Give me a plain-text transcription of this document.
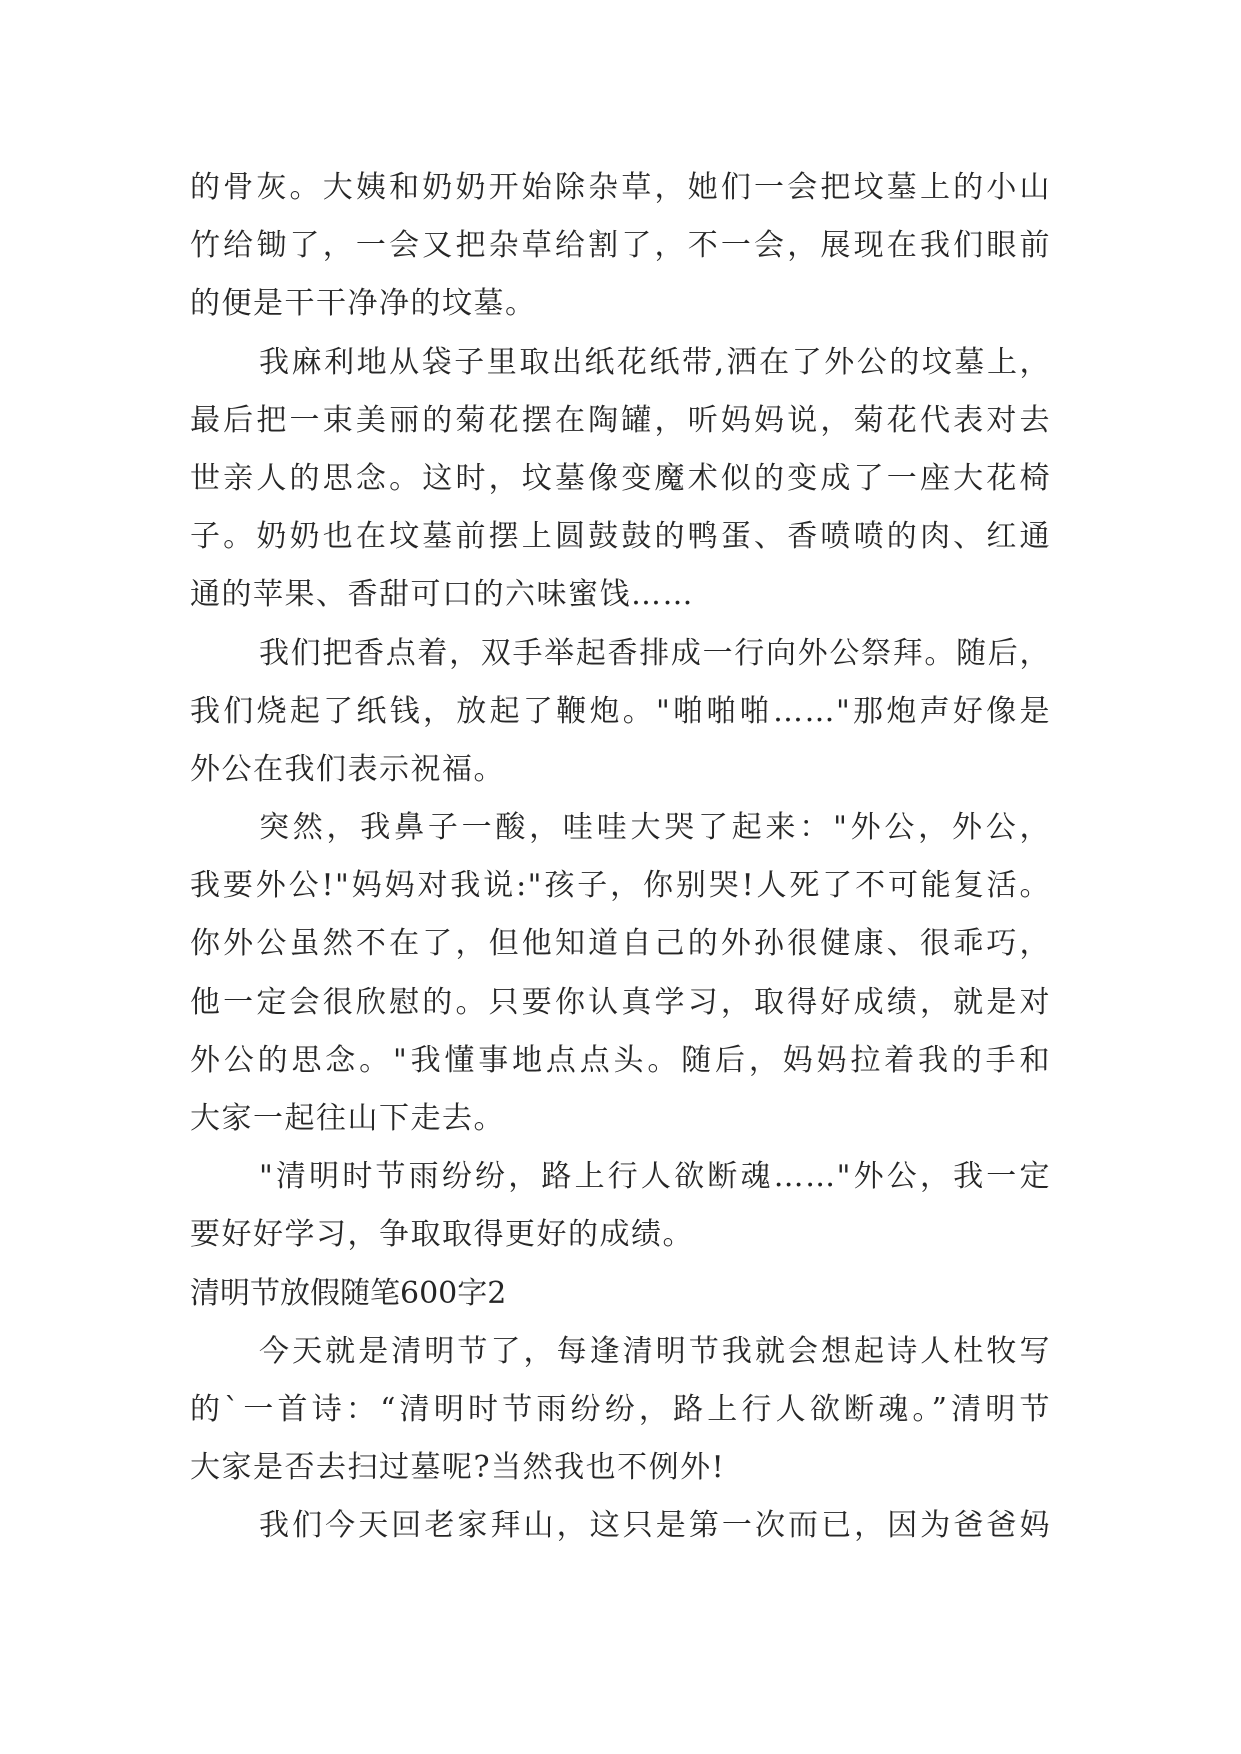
的骨灰。大姨和奶奶开始除杂草，她们一会把坟墓上的小山
竹给锄了，一会又把杂草给割了，不一会，展现在我们眼前
的便是干干净净的坟墓。
我麻利地从袋子里取出纸花纸带,洒在了外公的坟墓上，
最后把一束美丽的菊花摆在陶罐，听妈妈说，菊花代表对去
世亲人的思念。这时，坟墓像变魔术似的变成了一座大花椅
子。奶奶也在坟墓前摆上圆鼓鼓的鸭蛋、香喷喷的肉、红通
通的苹果、香甜可口的六味蜜饯……
我们把香点着，双手举起香排成一行向外公祭拜。随后，
我们烧起了纸钱，放起了鞭炮。"啪啪啪……"那炮声好像是
外公在我们表示祝福。
突然，我鼻子一酸，哇哇大哭了起来："外公，外公，
我要外公!"妈妈对我说:"孩子，你别哭!人死了不可能复活。
你外公虽然不在了，但他知道自己的外孙很健康、很乖巧，
他一定会很欣慰的。只要你认真学习，取得好成绩，就是对
外公的思念。"我懂事地点点头。随后，妈妈拉着我的手和
大家一起往山下走去。
"清明时节雨纷纷，路上行人欲断魂……"外公，我一定
要好好学习，争取取得更好的成绩。
清明节放假随笔600字2
今天就是清明节了，每逢清明节我就会想起诗人杜牧写
的`一首诗：“清明时节雨纷纷，路上行人欲断魂。”清明节
大家是否去扫过墓呢?当然我也不例外!
我们今天回老家拜山，这只是第一次而已，因为爸爸妈
